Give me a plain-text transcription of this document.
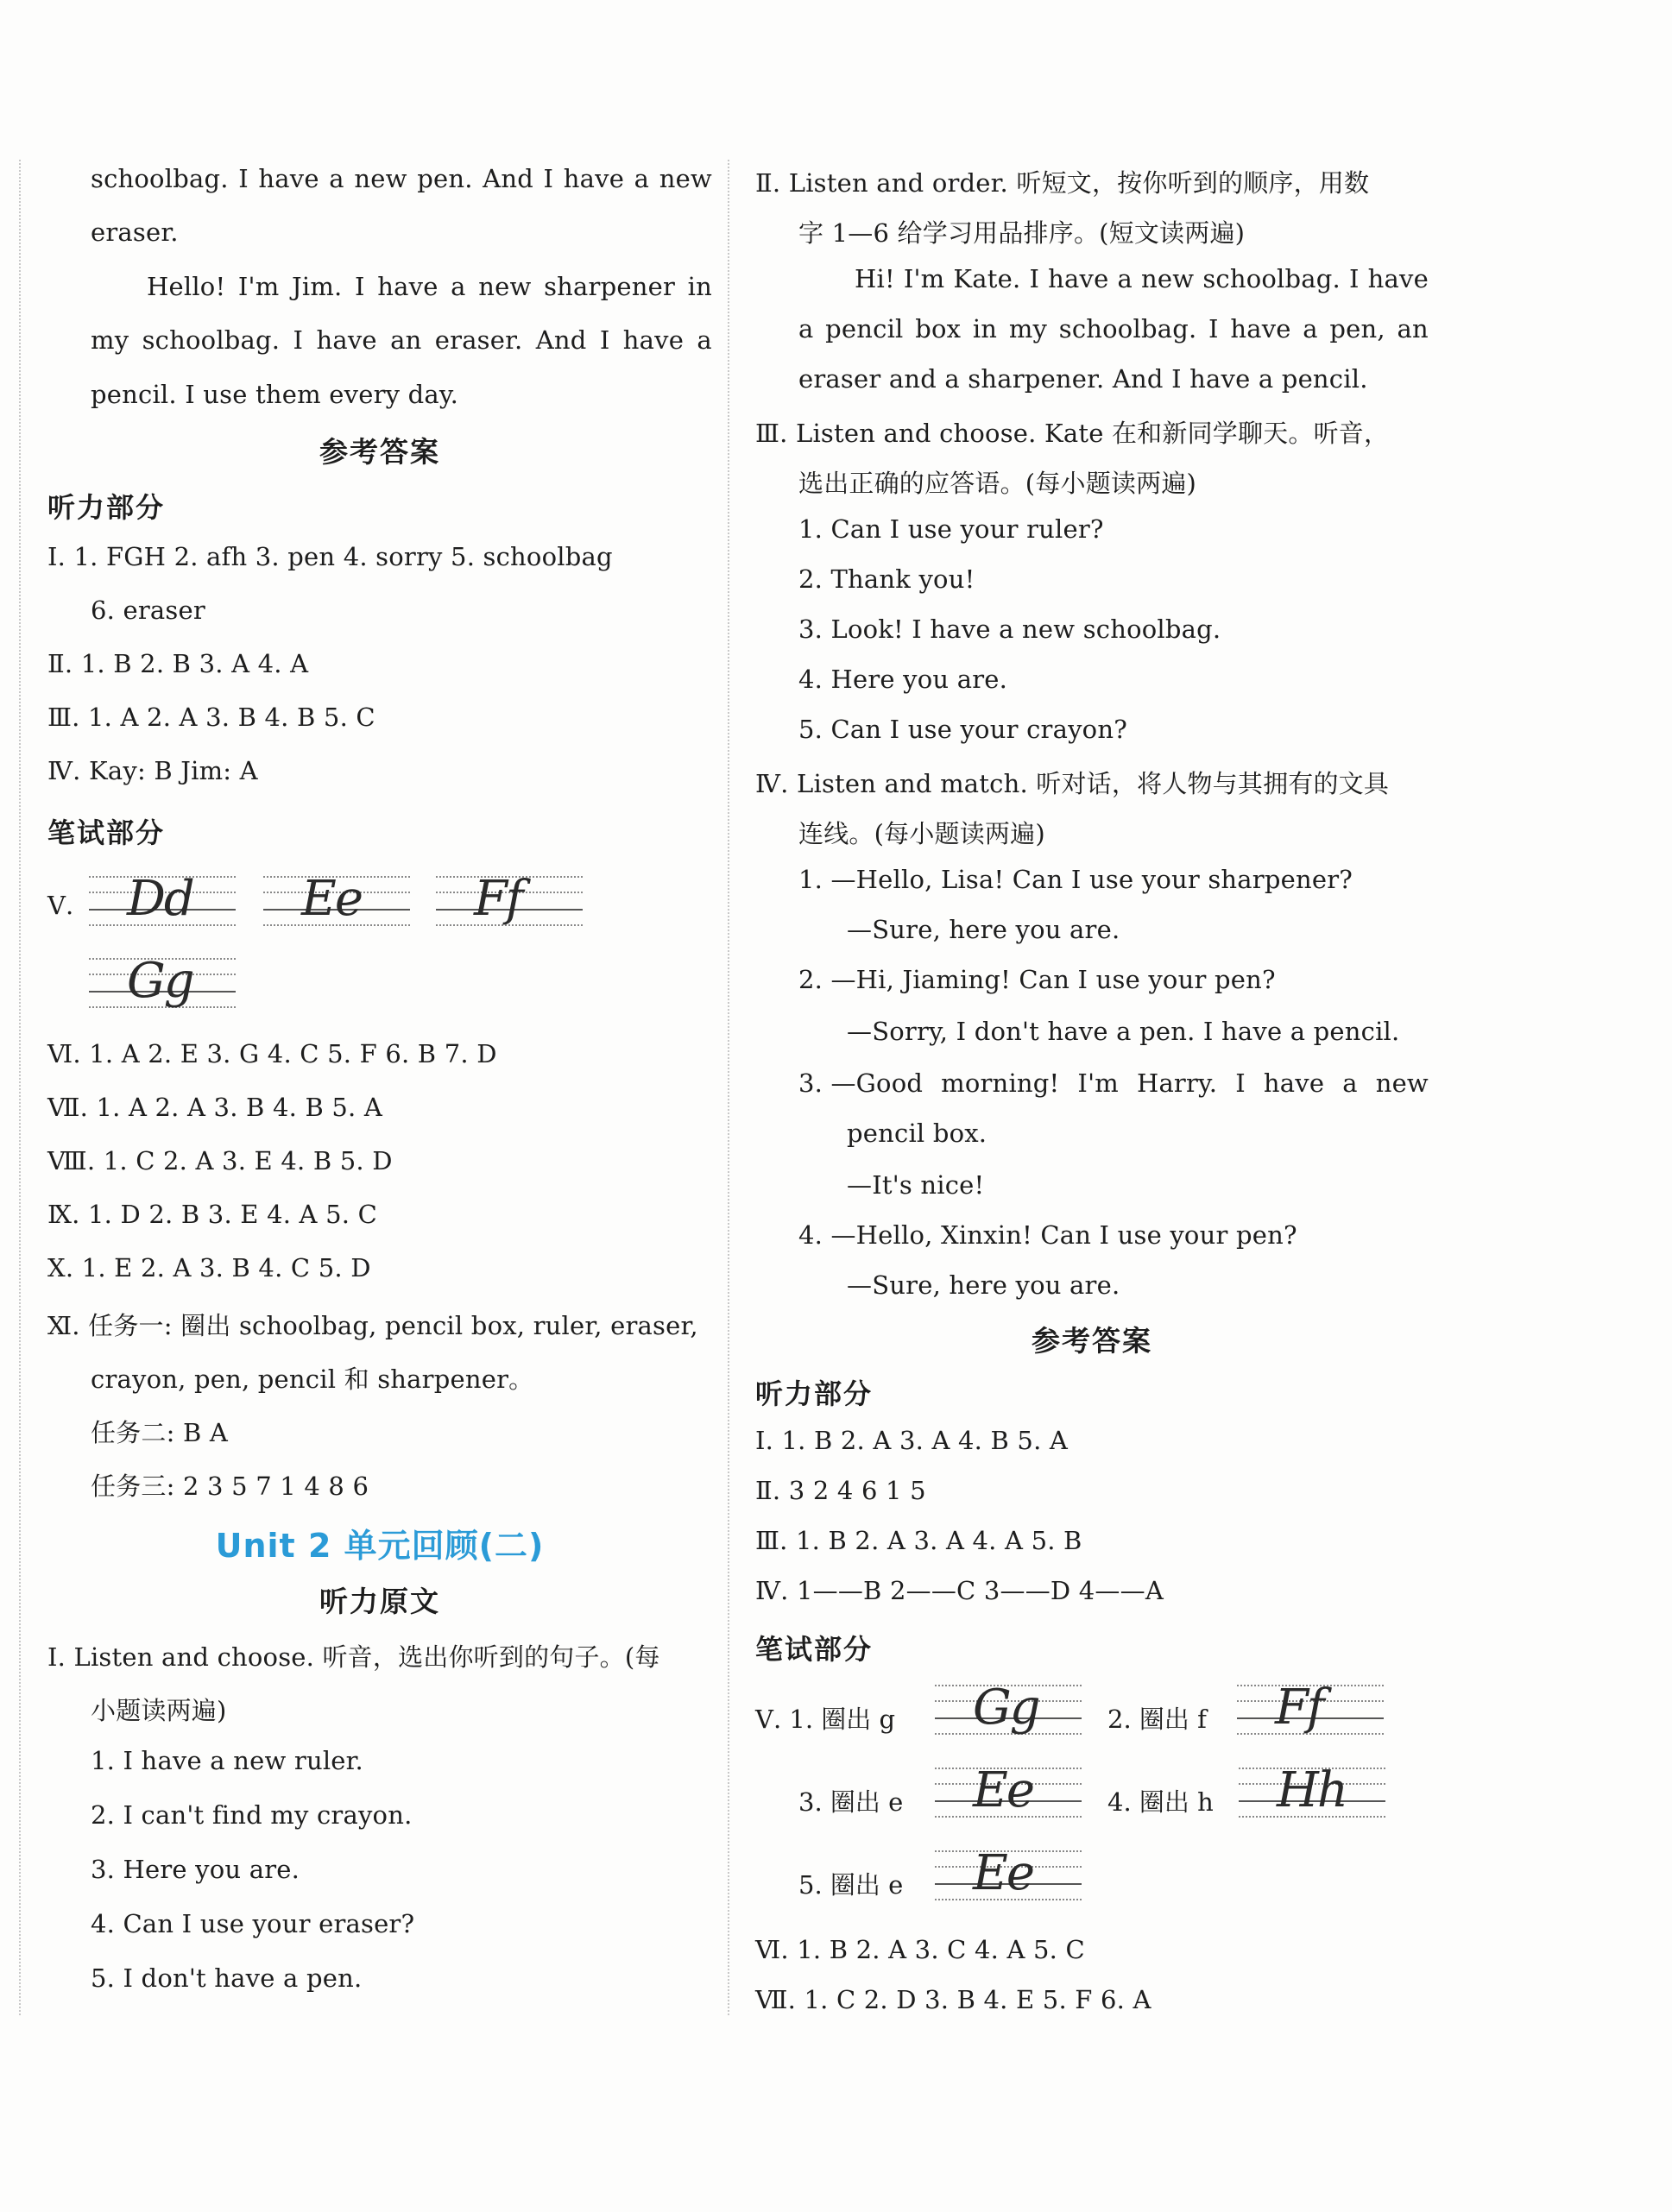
schoolbag. I have a new pen. And I have a new
eraser.
Hello! I'm Jim. I have a new sharpener in
my schoolbag. I have an eraser. And I have a
pencil. I use them every day.
参考答案
听力部分
Ⅰ. 1. FGH 2. afh 3. pen 4. sorry 5. schoolbag
6. eraser
Ⅱ. 1. B 2. B 3. A 4. A
Ⅲ. 1. A 2. A 3. B 4. B 5. C
Ⅳ. Kay: B Jim: A
笔试部分
Ⅴ. Dd Ee Ff
Gg
Ⅵ. 1. A 2. E 3. G 4. C 5. F 6. B 7. D
Ⅶ. 1. A 2. A 3. B 4. B 5. A
Ⅷ. 1. C 2. A 3. E 4. B 5. D
Ⅸ. 1. D 2. B 3. E 4. A 5. C
Ⅹ. 1. E 2. A 3. B 4. C 5. D
Ⅺ. 任务一: 圈出 schoolbag, pencil box, ruler, eraser,
crayon, pen, pencil 和 sharpener。
任务二: B A
任务三: 2 3 5 7 1 4 8 6
Unit 2 单元回顾(二)
听力原文
Ⅰ. Listen and choose. 听音，选出你听到的句子。(每
小题读两遍)
1. I have a new ruler.
2. I can't find my crayon.
3. Here you are.
4. Can I use your eraser?
5. I don't have a pen.
Ⅱ. Listen and order. 听短文，按你听到的顺序，用数
字 1—6 给学习用品排序。(短文读两遍)
Hi! I'm Kate. I have a new schoolbag. I have
a pencil box in my schoolbag. I have a pen, an
eraser and a sharpener. And I have a pencil.
Ⅲ. Listen and choose. Kate 在和新同学聊天。听音，
选出正确的应答语。(每小题读两遍)
1. Can I use your ruler?
2. Thank you!
3. Look! I have a new schoolbag.
4. Here you are.
5. Can I use your crayon?
Ⅳ. Listen and match. 听对话，将人物与其拥有的文具
连线。(每小题读两遍)
1. —Hello, Lisa! Can I use your sharpener?
—Sure, here you are.
2. —Hi, Jiaming! Can I use your pen?
—Sorry, I don't have a pen. I have a pencil.
3. —Good morning! I'm Harry. I have a new
pencil box.
—It's nice!
4. —Hello, Xinxin! Can I use your pen?
—Sure, here you are.
参考答案
听力部分
Ⅰ. 1. B 2. A 3. A 4. B 5. A
Ⅱ. 3 2 4 6 1 5
Ⅲ. 1. B 2. A 3. A 4. A 5. B
Ⅳ. 1——B 2——C 3——D 4——A
笔试部分
Ⅴ. 1. 圈出 g Gg	2. 圈出 f Ff
3. 圈出 e Ee	4. 圈出 h Hh
5. 圈出 e Ee
Ⅵ. 1. B 2. A 3. C 4. A 5. C
Ⅶ. 1. C 2. D 3. B 4. E 5. F 6. A
